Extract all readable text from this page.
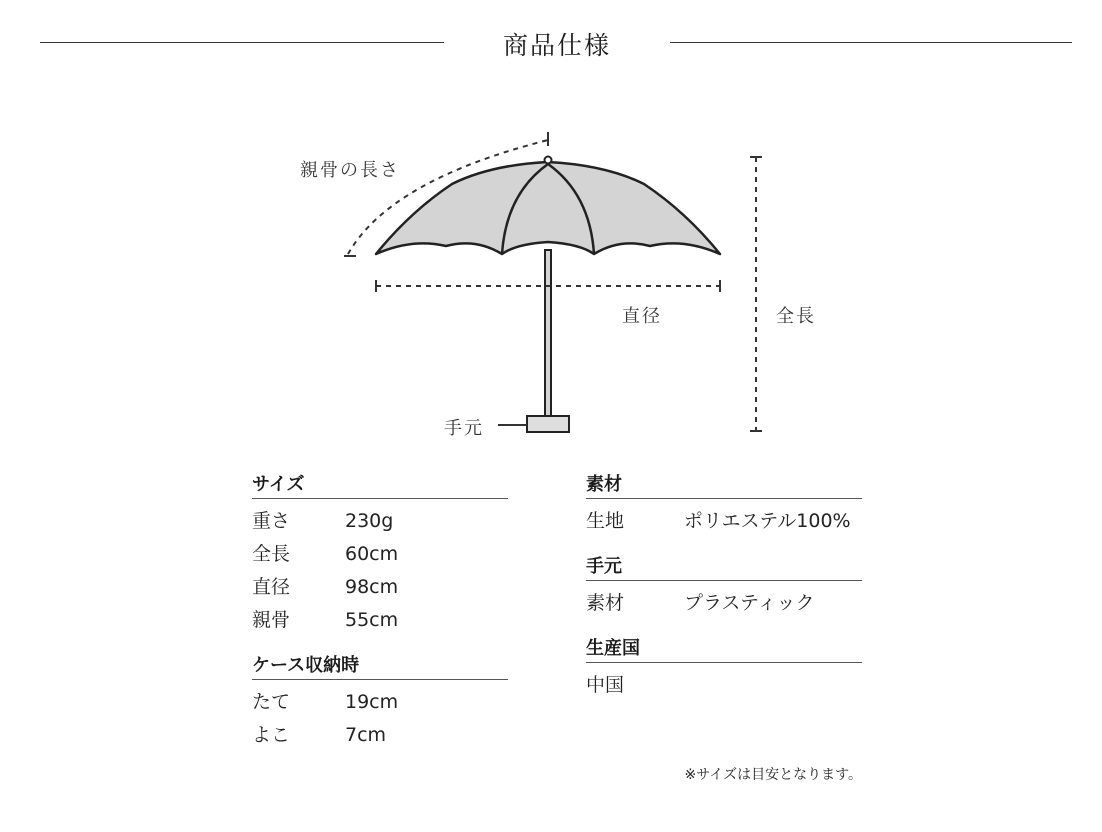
商品仕様
親骨の長さ
直径	全長
手元
サイズ
重さ	230g
全長	60cm
直径	98cm
親骨	55cm
ケース収納時
たて	19cm
よこ	7cm
素材
生地	ポリエステル100%
手元
素材	プラスティック
生産国
中国
※サイズは目安となります。
